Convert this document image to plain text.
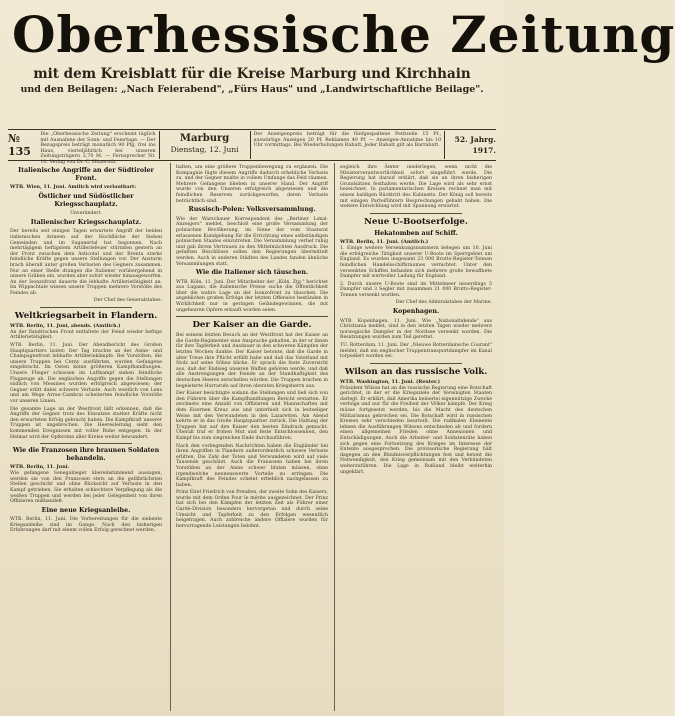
Oberhessische Zeitung
mit dem Kreisblatt für die Kreise Marburg und Kirchhain
und den Beilagen: „Nach Feierabend", „Fürs Haus" und „Landwirtschaftliche Beilage".
№ 135
Die „Oberhessische Zeitung" erscheint täglich mit Ausnahme der Sonn- und Feiertage. — Der Bezugspreis beträgt monatlich 90 Pfg. frei ins Haus, vierteljährlich bei unseren Zeitungsträgern 2,70 M. — Fernsprecher Nr. 10. Verlag von Dr. C. Hitzeroth.
Marburg
Dienstag, 12. Juni
Der Anzeigenpreis beträgt für die fünfgespaltene Petitzeile 15 Pf., auswärtige Anzeigen 20 Pf. Reklamen 40 Pf. — Anzeigen-Annahme bis 10 Uhr vormittags. Bei Wiederholungen Rabatt. Jeder Rabatt gilt als Barrabatt.
52. Jahrg.
1917.
Italienische Angriffe an der Südtiroler Front.
WTB. Wien, 11. Juni. Amtlich wird verlautbart:
Östlicher und Südöstlicher Kriegsschauplatz.
Unverändert.
Italienischer Kriegsschauplatz.
Der bereits seit einigen Tagen erwartete Angriff der beiden italienischen Armeen auf der Hochfläche der Sieben Gemeinden und im Suganertal hat begonnen. Nach mehrtägigem heftigstem Artilleriefeuer stürmten gestern an der Front zwischen dem Asticotal und der Brenta starke feindliche Kräfte gegen unsere Stellungen vor. Der Ansturm brach überall unter großen Verlusten des Gegners zusammen. Nur an einer Stelle drangen die Italiener vorübergehend in unsere Gräben ein, wurden aber sofort wieder hinausgeworfen. An der Isonzofront dauerte die lebhafte Artillerietätigkeit an. Im Wippachtale wiesen unsere Truppen mehrere Vorstöße des Feindes ab.
Der Chef des Generalstabes.
Weltkriegsarbeit in Flandern.
WTB. Berlin, 11. Juni, abends. (Amtlich.)
An der flandrischen Front entfaltete der Feind wieder heftige Artillerietätigkeit.
WTB. Berlin, 11. Juni. Der Abendbericht des Großen Hauptquartiers lautet: Der Tag brachte an der Aisne- und Champagnefront lebhafte Artilleriekämpfe. Bei Vorstößen, die unsere Truppen bei Cerny ausführten, wurden Gefangene eingebracht. Im Osten keine größeren Kampfhandlungen. Unsere Flieger schossen im Luftkampf sieben feindliche Flugzeuge ab. Die englischen Angriffe gegen die Stellungen südlich von Messines wurden erfolgreich abgewiesen; der Gegner erlitt dabei schwere Verluste. Auch westlich von Lens und am Wege Arras–Cambrai scheiterten feindliche Vorstöße vor unseren Linien.
Die gesamte Lage an der Westfront läßt erkennen, daß die Angriffe der Gegner trotz des Einsatzes starker Kräfte nicht den erwarteten Erfolg gebracht haben. Die Kampfkraft unserer Truppen ist ungebrochen. Die Heeresleitung sieht den kommenden Ereignissen mit voller Ruhe entgegen. In der Heimat wird der Opfersinn aller Kreise weiter bewundert.
Wie die Franzosen ihre braunen Soldaten behandeln.
WTB. Berlin, 11. Juni.
Wie gefangene Senegalneger übereinstimmend aussagen, werden sie von den Franzosen stets an die gefährlichsten Stellen geschickt und ohne Rücksicht auf Verluste in den Kampf getrieben. Sie erhalten schlechtere Verpflegung als die weißen Truppen und werden bei jeder Gelegenheit von ihren Offizieren mißhandelt.
Eine neue Kriegsanleihe.
WTB. Berlin, 11. Juni. Die Vorbereitungen für die siebente Kriegsanleihe sind im Gange. Nach den bisherigen Erfahrungen darf mit einem vollen Erfolg gerechnet werden.
halten, um eine größere Truppenbewegung zu ergänzen. Die Kompagnie fügte diesem Angriffe dadurch erhebliche Verluste zu, und der Gegner mußte in vollem Umfange das Feld räumen. Mehrere Gefangene blieben in unserer Hand. Der Angriff wurde von den Unseren erfolgreich abgewiesen und die feindlichen Reserven zurückgeworfen, deren Verluste beträchtlich sind.
Russisch-Polen: Volksversammlung.
Wie der Warschauer Korrespondent des „Berliner Lokal-Anzeigers" meldet, beschloß eine große Versammlung der polnischen Bevölkerung, im Sinne der vom Staatsrat erlassenen Kundgebung für die Errichtung eines selbständigen polnischen Staates einzutreten. Die Versammlung verlief ruhig und gab ihrem Vertrauen zu den Mittelmächten Ausdruck. Die gefaßten Beschlüsse sollen den Regierungen übermittelt werden. Auch in anderen Städten des Landes fanden ähnliche Versammlungen statt.
Wie die Italiener sich täuschen.
WTB. Köln, 11. Juni. Der Mitarbeiter der „Köln. Ztg." berichtet aus Lugano, die italienische Presse suche die Öffentlichkeit über die wahre Lage an der Isonzofront zu täuschen. Die angeblichen großen Erfolge der letzten Offensive beständen in Wirklichkeit nur in geringen Geländegewinnen, die mit ungeheuren Opfern erkauft worden seien.
Der Kaiser an die Garde.
Bei seinem letzten Besuch an der Westfront hat der Kaiser an die Garde-Regimenter eine Ansprache gehalten, in der er ihnen für ihre Tapferkeit und Ausdauer in den schweren Kämpfen der letzten Wochen dankte. Der Kaiser betonte, daß die Garde in alter Treue ihre Pflicht erfüllt habe und daß das Vaterland mit Stolz auf seine Söhne blicke. Er sprach die feste Zuversicht aus, daß der Endsieg unseren Waffen gehören werde, und daß alle Anstrengungen der Feinde an der Standhaftigkeit des deutschen Heeres zerschellen würden. Die Truppen brachen in begeisterte Hurrarufe auf ihren obersten Kriegsherrn aus.
Der Kaiser besichtigte sodann die Stellungen und ließ sich von den Führern über die Kampfhandlungen Bericht erstatten. Er zeichnete eine Anzahl von Offizieren und Mannschaften mit dem Eisernen Kreuz aus und unterhielt sich in leutseliger Weise mit den Verwundeten in den Lazaretten. Am Abend kehrte er in das Große Hauptquartier zurück. Die Haltung der Truppen hat auf den Kaiser den besten Eindruck gemacht. Überall traf er frohen Mut und feste Entschlossenheit, den Kampf bis zum siegreichen Ende durchzuführen.
Nach den vorliegenden Nachrichten haben die Engländer bei ihren Angriffen in Flandern außerordentlich schwere Verluste erlitten. Die Zahl der Toten und Verwundeten wird auf viele Tausende geschätzt. Auch die Franzosen haben bei ihren Vorstößen an der Aisne schwer bluten müssen, ohne irgendwelche nennenswerte Vorteile zu erringen. Die Kampfkraft des Feindes scheint erheblich nachgelassen zu haben.
Prinz Eitel Friedrich von Preußen, der zweite Sohn des Kaisers, wurde mit dem Orden Pour le mérite ausgezeichnet. Der Prinz hat sich bei den Kämpfen der letzten Zeit als Führer einer Garde-Division besonders hervorgetan und durch seine Umsicht und Tapferkeit zu den Erfolgen wesentlich beigetragen. Auch zahlreiche andere Offiziere wurden für hervorragende Leistungen belohnt.
sogleich ihre Ämter niederlegen, wenn nicht die Ministerverantwortlichkeit sofort eingeführt werde. Die Regierung hat darauf erklärt, daß sie an ihren bisherigen Grundsätzen festhalten werde. Die Lage wird als sehr ernst bezeichnet. In parlamentarischen Kreisen rechnet man mit einem baldigen Rücktritt des Kabinetts. Der König soll bereits mit einigen Parteiführern Besprechungen gehabt haben. Die weitere Entwicklung wird mit Spannung erwartet.
Neue U-Bootserfolge.
Hekatomben auf Schiff.
WTB. Berlin, 11. Juni. (Amtlich.)
1. Einige weitere Versenkungsnummern belegen um 10. Juni die erfolgreiche Tätigkeit unserer U-Boote im Sperrgebiet um England. Es wurden insgesamt 23 000 Brutto-Register-Tonnen feindlichen Handelsschiffsraumes vernichtet. Unter den versenkten Schiffen befanden sich mehrere große bewaffnete Dampfer mit wertvoller Ladung für England.
2. Durch unsere U-Boote sind im Mittelmeer neuerdings 5 Dampfer und 3 Segler mit zusammen 21 000 Brutto-Register-Tonnen versenkt worden.
Der Chef des Admiralstabes der Marine.
Kopenhagen.
WTB. Kopenhagen, 11. Juni. Wie „Nationaltidende" aus Christiania meldet, sind in den letzten Tagen wieder mehrere norwegische Dampfer in der Nordsee versenkt worden. Die Besatzungen wurden zum Teil gerettet.
TU. Rotterdam, 11. Juni. Der „Nieuwe Rotterdamsche Courant" meldet, daß ein englischer Truppentransportdampfer im Kanal torpediert worden sei.
Wilson an das russische Volk.
WTB. Washington, 11. Juni. (Reuter.)
Präsident Wilson hat an die russische Regierung eine Botschaft gerichtet, in der er die Kriegsziele der Vereinigten Staaten darlegt. Er erklärt, daß Amerika keinerlei eigennützige Zwecke verfolge und nur für die Freiheit der Völker kämpfe. Der Krieg müsse fortgesetzt werden, bis die Macht des deutschen Militarismus gebrochen sei. Die Botschaft wird in russischen Kreisen sehr verschieden beurteilt. Die radikalen Elemente lehnen die Ausführungen Wilsons entschieden ab und fordern einen allgemeinen Frieden ohne Annexionen und Entschädigungen. Auch die Arbeiter- und Soldatenräte haben sich gegen eine Fortsetzung des Krieges im Interesse der Entente ausgesprochen. Die provisorische Regierung hält dagegen an den Bündnisverpflichtungen fest und betont die Notwendigkeit, den Krieg gemeinsam mit den Verbündeten weiterzuführen. Die Lage in Rußland bleibt weiterhin ungeklärt.
